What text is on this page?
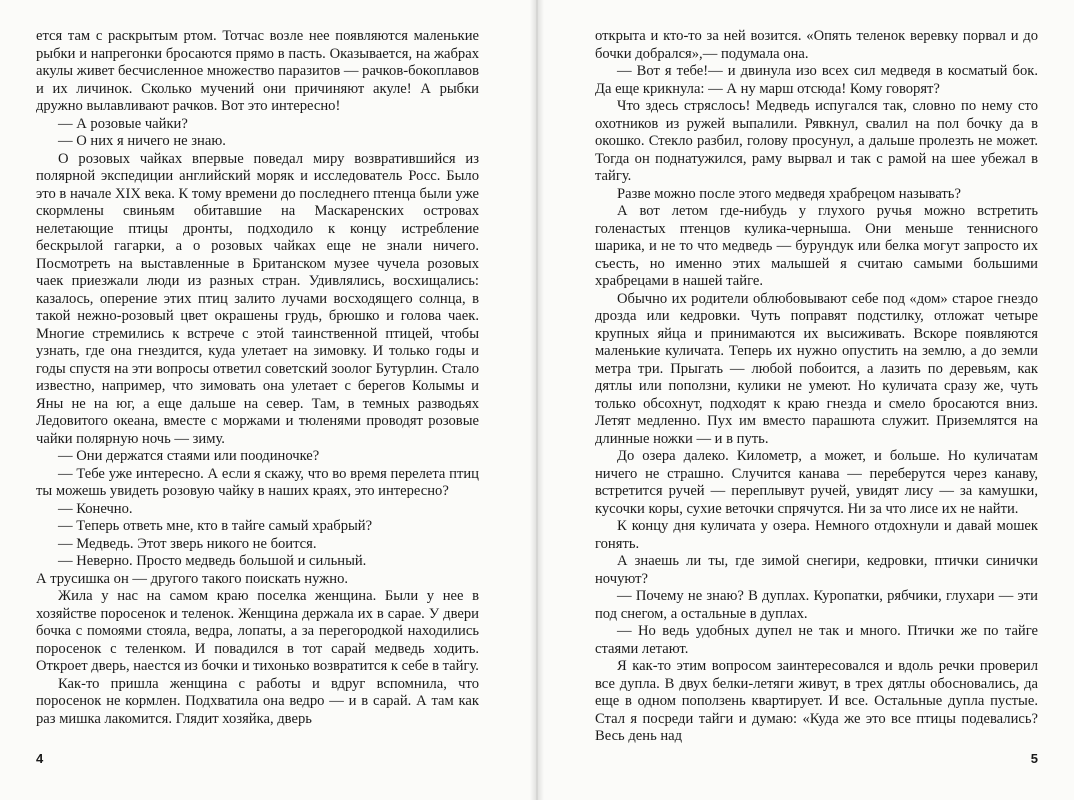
ется там с раскрытым ртом. Тотчас возле нее появляются маленькие рыбки и напрегонки бросаются прямо в пасть. Оказывается, на жабрах акулы живет бесчисленное множество паразитов — рачков-бокоплавов и их личинок. Сколько мучений они причиняют акуле! А рыбки дружно вылавливают рачков. Вот это интересно!

— А розовые чайки?

— О них я ничего не знаю.

О розовых чайках впервые поведал миру возвратившийся из полярной экспедиции английский моряк и исследователь Росс. Было это в начале XIX века. К тому времени до последнего птенца были уже скормлены свиньям обитавшие на Маскаренских островах нелетающие птицы дронты, подходило к концу истребление бескрылой гагарки, а о розовых чайках еще не знали ничего. Посмотреть на выставленные в Британском музее чучела розовых чаек приезжали люди из разных стран. Удивлялись, восхищались: казалось, оперение этих птиц залито лучами восходящего солнца, в такой нежно-розовый цвет окрашены грудь, брюшко и голова чаек. Многие стремились к встрече с этой таинственной птицей, чтобы узнать, где она гнездится, куда улетает на зимовку. И только годы и годы спустя на эти вопросы ответил советский зоолог Бутурлин. Стало известно, например, что зимовать она улетает с берегов Колымы и Яны не на юг, а еще дальше на север. Там, в темных разводьях Ледовитого океана, вместе с моржами и тюленями проводят розовые чайки полярную ночь — зиму.

— Они держатся стаями или поодиночке?

— Тебе уже интересно. А если я скажу, что во время перелета птиц ты можешь увидеть розовую чайку в наших краях, это интересно?

— Конечно.

— Теперь ответь мне, кто в тайге самый храбрый?

— Медведь. Этот зверь никого не боится.

— Неверно. Просто медведь большой и сильный.

А трусишка он — другого такого поискать нужно.

Жила у нас на самом краю поселка женщина. Были у нее в хозяйстве поросенок и теленок. Женщина держала их в сарае. У двери бочка с помоями стояла, ведра, лопаты, а за перегородкой находились поросенок с теленком. И повадился в тот сарай медведь ходить. Откроет дверь, наестся из бочки и тихонько возвратится к себе в тайгу.

Как-то пришла женщина с работы и вдруг вспомнила, что поросенок не кормлен. Подхватила она ведро — и в сарай. А там как раз мишка лакомится. Глядит хозяйка, дверь

4

открыта и кто-то за ней возится. «Опять теленок веревку порвал и до бочки добрался»,— подумала она.

— Вот я тебе!— и двинула изо всех сил медведя в косматый бок. Да еще крикнула: — А ну марш отсюда! Кому говорят?

Что здесь стряслось! Медведь испугался так, словно по нему сто охотников из ружей выпалили. Рявкнул, свалил на пол бочку да в окошко. Стекло разбил, голову просунул, а дальше пролезть не может. Тогда он поднатужился, раму вырвал и так с рамой на шее убежал в тайгу.

Разве можно после этого медведя храбрецом называть?

А вот летом где-нибудь у глухого ручья можно встретить голенастых птенцов кулика-черныша. Они меньше теннисного шарика, и не то что медведь — бурундук или белка могут запросто их съесть, но именно этих малышей я считаю самыми большими храбрецами в нашей тайге.

Обычно их родители облюбовывают себе под «дом» старое гнездо дрозда или кедровки. Чуть поправят подстилку, отложат четыре крупных яйца и принимаются их высиживать. Вскоре появляются маленькие куличата. Теперь их нужно опустить на землю, а до земли метра три. Прыгать — любой побоится, а лазить по деревьям, как дятлы или поползни, кулики не умеют. Но куличата сразу же, чуть только обсохнут, подходят к краю гнезда и смело бросаются вниз. Летят медленно. Пух им вместо парашюта служит. Приземлятся на длинные ножки — и в путь.

До озера далеко. Километр, а может, и больше. Но куличатам ничего не страшно. Случится канава — переберутся через канаву, встретится ручей — переплывут ручей, увидят лису — за камушки, кусочки коры, сухие веточки спрячутся. Ни за что лисе их не найти.

К концу дня куличата у озера. Немного отдохнули и давай мошек гонять.

А знаешь ли ты, где зимой снегири, кедровки, птички синички ночуют?

— Почему не знаю? В дуплах. Куропатки, рябчики, глухари — эти под снегом, а остальные в дуплах.

— Но ведь удобных дупел не так и много. Птички же по тайге стаями летают.

Я как-то этим вопросом заинтересовался и вдоль речки проверил все дупла. В двух белки-летяги живут, в трех дятлы обосновались, да еще в одном поползень квартирует. И все. Остальные дупла пустые. Стал я посреди тайги и думаю: «Куда же это все птицы подевались? Весь день над

5
